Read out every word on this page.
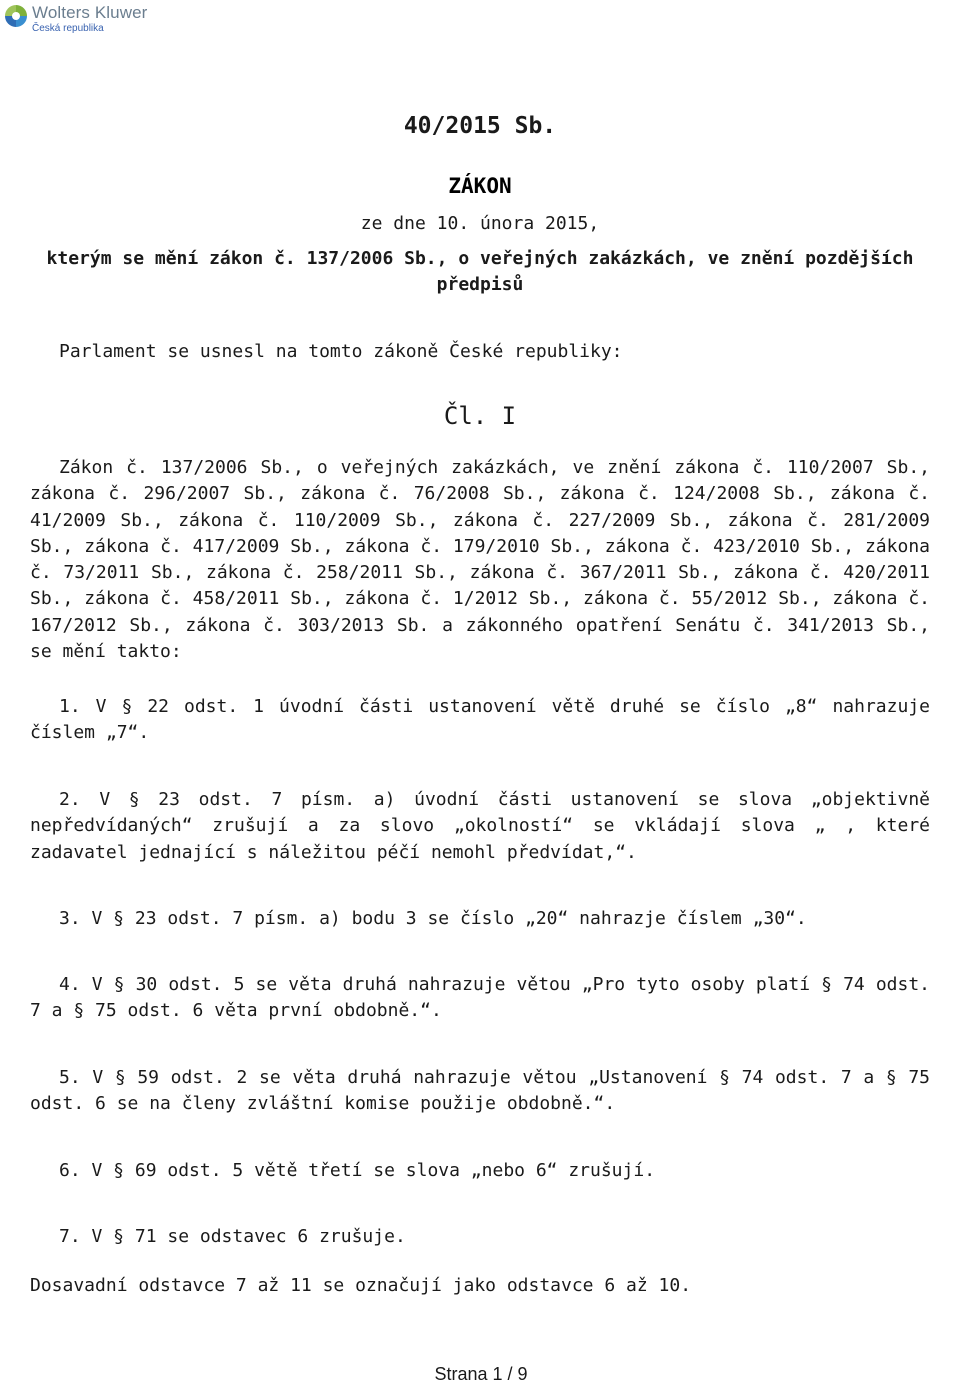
Wolters Kluwer
Česká republika
40/2015 Sb.
ZÁKON
ze dne 10. února 2015,
kterým se mění zákon č. 137/2006 Sb., o veřejných zakázkách, ve znění pozdějších předpisů

Parlament se usnesl na tomto zákoně České republiky:

Čl. I

Zákon č. 137/2006 Sb., o veřejných zakázkách, ve znění zákona č. 110/2007 Sb., zákona č. 296/2007 Sb., zákona č. 76/2008 Sb., zákona č. 124/2008 Sb., zákona č. 41/2009 Sb., zákona č. 110/2009 Sb., zákona č. 227/2009 Sb., zákona č. 281/2009 Sb., zákona č. 417/2009 Sb., zákona č. 179/2010 Sb., zákona č. 423/2010 Sb., zákona č. 73/2011 Sb., zákona č. 258/2011 Sb., zákona č. 367/2011 Sb., zákona č. 420/2011 Sb., zákona č. 458/2011 Sb., zákona č. 1/2012 Sb., zákona č. 55/2012 Sb., zákona č. 167/2012 Sb., zákona č. 303/2013 Sb. a zákonného opatření Senátu č. 341/2013 Sb., se mění takto:

1. V § 22 odst. 1 úvodní části ustanovení větě druhé se číslo „8“ nahrazuje číslem „7“.

2. V § 23 odst. 7 písm. a) úvodní části ustanovení se slova „objektivně nepředvídaných“ zrušují a za slovo „okolností“ se vkládají slova „ , které zadavatel jednající s náležitou péčí nemohl předvídat,“.

3. V § 23 odst. 7 písm. a) bodu 3 se číslo „20“ nahrazje číslem „30“.

4. V § 30 odst. 5 se věta druhá nahrazuje větou „Pro tyto osoby platí § 74 odst. 7 a § 75 odst. 6 věta první obdobně.“.

5. V § 59 odst. 2 se věta druhá nahrazuje větou „Ustanovení § 74 odst. 7 a § 75 odst. 6 se na členy zvláštní komise použije obdobně.“.

6. V § 69 odst. 5 větě třetí se slova „nebo 6“ zrušují.

7. V § 71 se odstavec 6 zrušuje.

Dosavadní odstavce 7 až 11 se označují jako odstavce 6 až 10.

Strana 1 / 9
